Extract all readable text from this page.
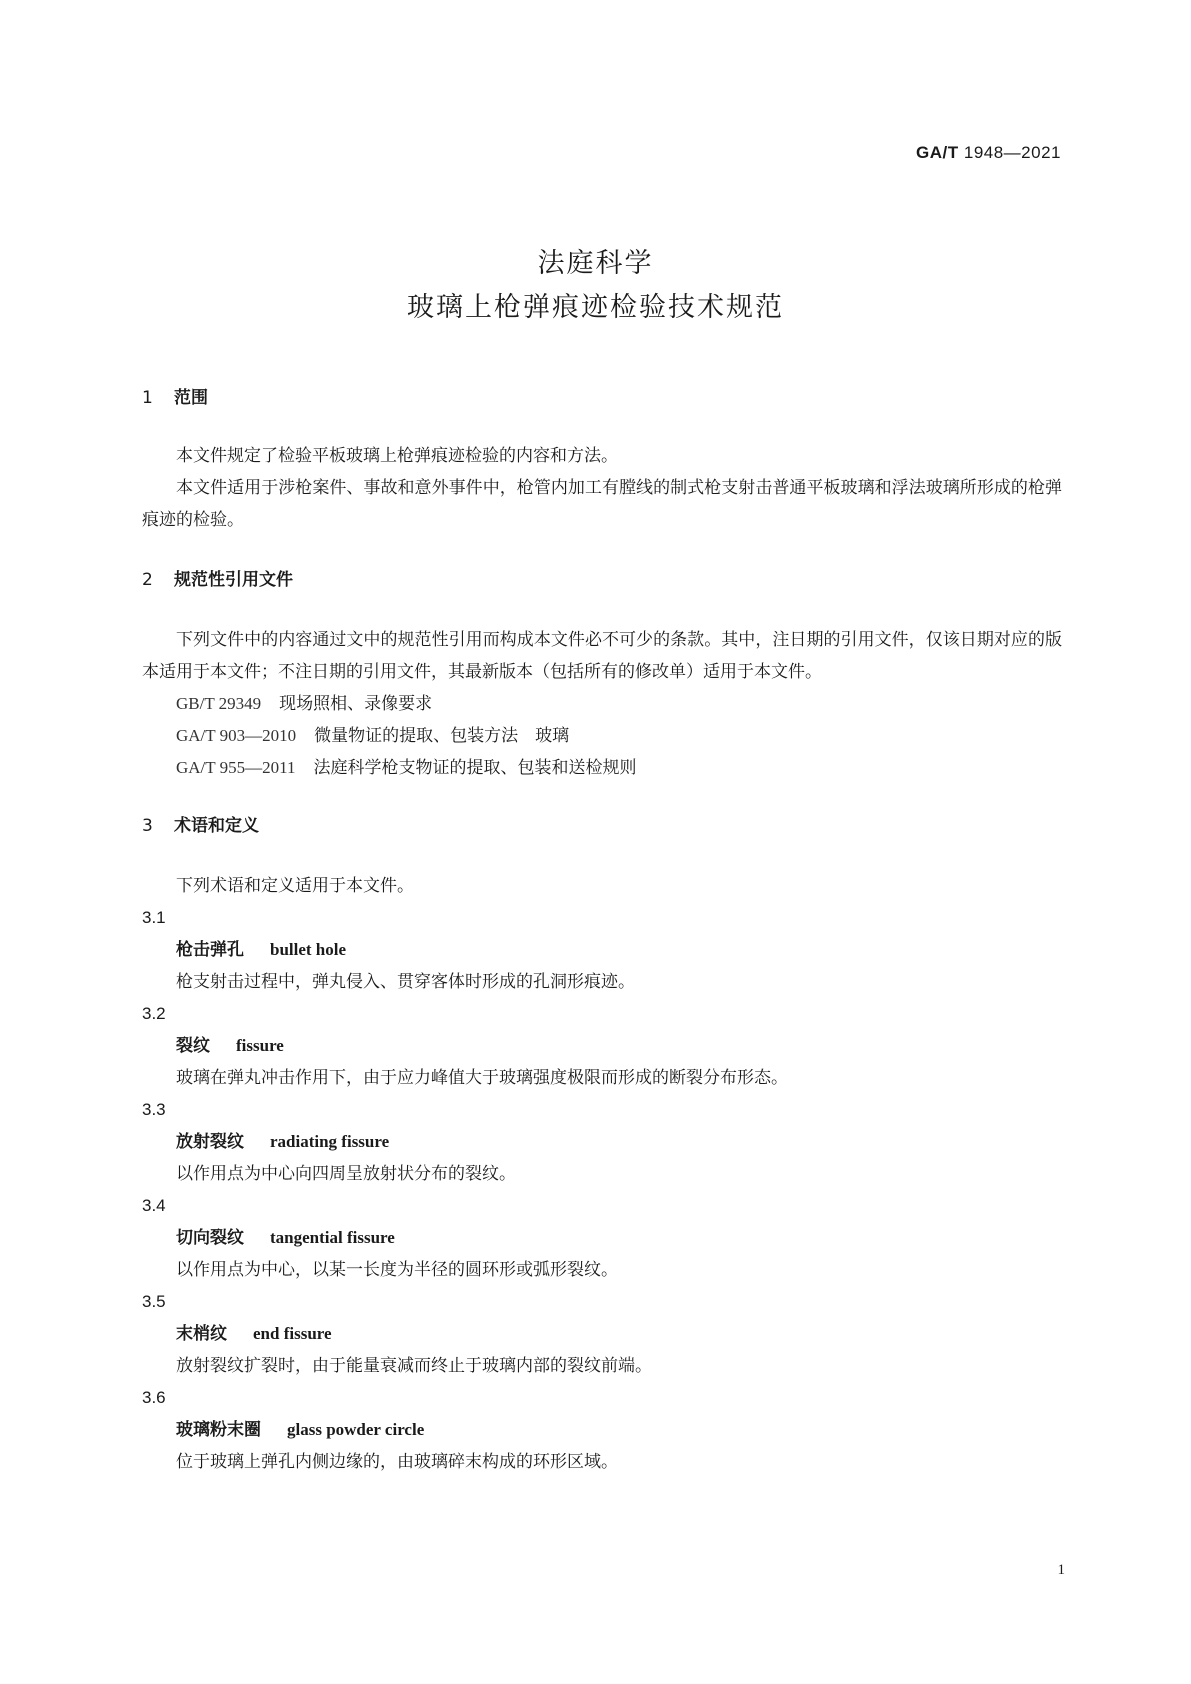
GA/T 1948—2021
法庭科学
玻璃上枪弹痕迹检验技术规范
1	范围
本文件规定了检验平板玻璃上枪弹痕迹检验的内容和方法。
本文件适用于涉枪案件、事故和意外事件中，枪管内加工有膛线的制式枪支射击普通平板玻璃和浮法玻璃所形成的枪弹痕迹的检验。
2	规范性引用文件
下列文件中的内容通过文中的规范性引用而构成本文件必不可少的条款。其中，注日期的引用文件，仅该日期对应的版本适用于本文件；不注日期的引用文件，其最新版本（包括所有的修改单）适用于本文件。
GB/T 29349 现场照相、录像要求
GA/T 903—2010 微量物证的提取、包装方法　玻璃
GA/T 955—2011 法庭科学枪支物证的提取、包装和送检规则
3	术语和定义
下列术语和定义适用于本文件。
3.1
枪击弹孔 bullet hole
枪支射击过程中，弹丸侵入、贯穿客体时形成的孔洞形痕迹。
3.2
裂纹 fissure
玻璃在弹丸冲击作用下，由于应力峰值大于玻璃强度极限而形成的断裂分布形态。
3.3
放射裂纹 radiating fissure
以作用点为中心向四周呈放射状分布的裂纹。
3.4
切向裂纹 tangential fissure
以作用点为中心，以某一长度为半径的圆环形或弧形裂纹。
3.5
末梢纹 end fissure
放射裂纹扩裂时，由于能量衰减而终止于玻璃内部的裂纹前端。
3.6
玻璃粉末圈 glass powder circle
位于玻璃上弹孔内侧边缘的，由玻璃碎末构成的环形区域。
1
